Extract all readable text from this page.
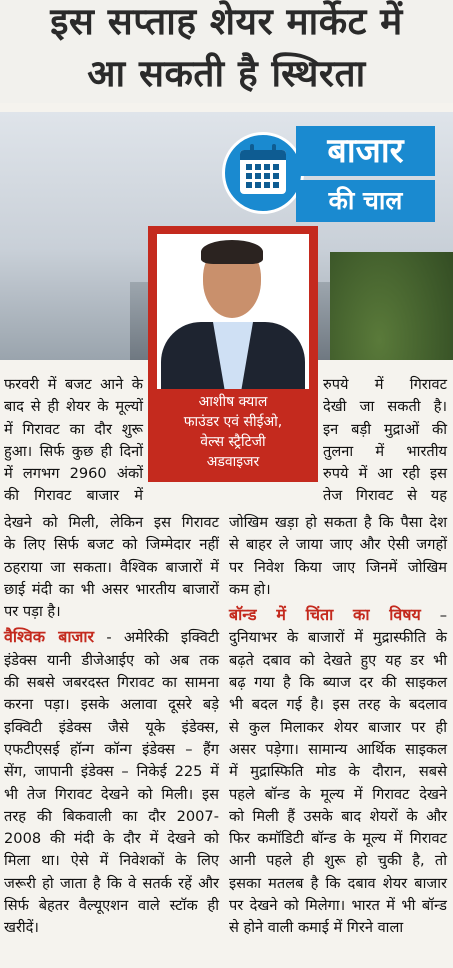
इस सप्ताह शेयर मार्केट में
आ सकती है स्थिरता
बाजार
की चाल
आशीष क्याल
फाउंडर एवं सीईओ,
वेल्स स्ट्रैटिजी
अडवाइजर

फरवरी में बजट आने के

बाद से ही शेयर के मूल्यों

में गिरावट का दौर शुरू

हुआ। सिर्फ कुछ ही दिनों

में लगभग 2960 अंकों

की गिरावट बाजार में

रुपये में गिरावट

देखी जा सकती है।

इन बड़ी मुद्राओं की

तुलना में भारतीय

रुपये में आ रही इस

तेज गिरावट से यह

देखने को मिली, लेकिन इस गिरावट

के लिए सिर्फ बजट को जिम्मेदार नहीं

ठहराया जा सकता। वैश्विक बाजारों में

छाई मंदी का भी असर भारतीय बाजारों

पर पड़ा है।

वैश्विक बाजार - अमेरिकी इक्विटी

इंडेक्स यानी डीजेआईए को अब तक

की सबसे जबरदस्त गिरावट का सामना

करना पड़ा। इसके अलावा दूसरे बड़े

इक्विटी इंडेक्स जैसे यूके इंडेक्स,

एफटीएसई हॉन्ग कॉन्ग इंडेक्स – हैंग

सेंग, जापानी इंडेक्स – निकेई 225 में

भी तेज गिरावट देखने को मिली। इस

तरह की बिकवाली का दौर 2007-

2008 की मंदी के दौर में देखने को

मिला था। ऐसे में निवेशकों के लिए

जरूरी हो जाता है कि वे सतर्क रहें और

सिर्फ बेहतर वैल्यूएशन वाले स्टॉक ही

खरीदें।

जोखिम खड़ा हो सकता है कि पैसा देश

से बाहर ले जाया जाए और ऐसी जगहों

पर निवेश किया जाए जिनमें जोखिम

कम हो।

बॉन्ड में चिंता का विषय –

दुनियाभर के बाजारों में मुद्रास्फीति के

बढ़ते दबाव को देखते हुए यह डर भी

बढ़ गया है कि ब्याज दर की साइकल

भी बदल गई है। इस तरह के बदलाव

से कुल मिलाकर शेयर बाजार पर ही

असर पड़ेगा। सामान्य आर्थिक साइकल

में मुद्रास्फिति मोड के दौरान, सबसे

पहले बॉन्ड के मूल्य में गिरावट देखने

को मिली हैं उसके बाद शेयरों के और

फिर कमॉडिटी बॉन्ड के मूल्य में गिरावट

आनी पहले ही शुरू हो चुकी है, तो

इसका मतलब है कि दबाव शेयर बाजार

पर देखने को मिलेगा। भारत में भी बॉन्ड

से होने वाली कमाई में गिरने वाला
